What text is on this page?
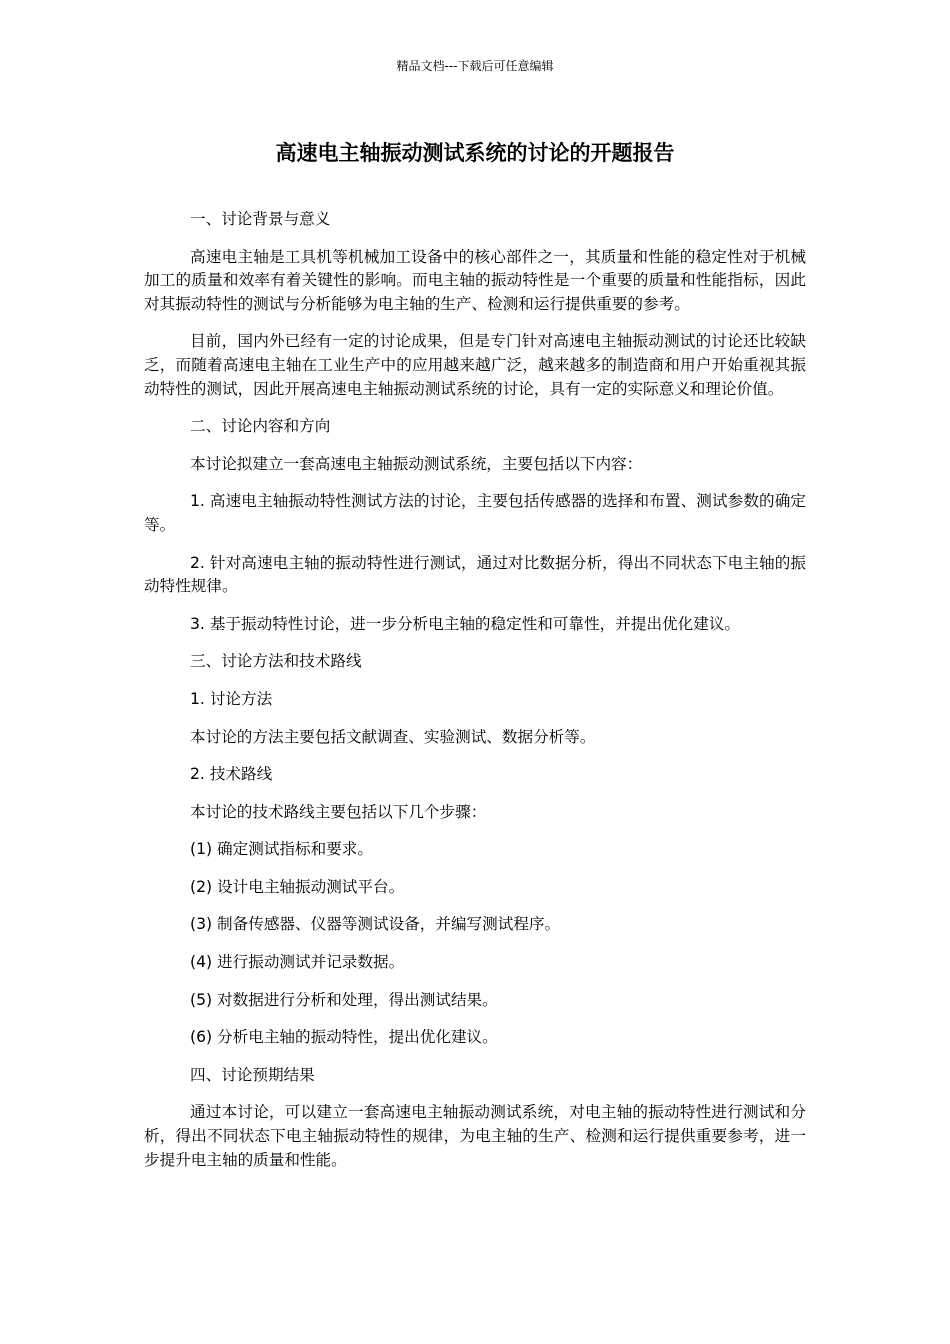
精品文档---下载后可任意编辑
高速电主轴振动测试系统的讨论的开题报告

一、讨论背景与意义

高速电主轴是工具机等机械加工设备中的核心部件之一，其质量和性能的稳定性对于机械加工的质量和效率有着关键性的影响。而电主轴的振动特性是一个重要的质量和性能指标，因此对其振动特性的测试与分析能够为电主轴的生产、检测和运行提供重要的参考。

目前，国内外已经有一定的讨论成果，但是专门针对高速电主轴振动测试的讨论还比较缺乏，而随着高速电主轴在工业生产中的应用越来越广泛，越来越多的制造商和用户开始重视其振动特性的测试，因此开展高速电主轴振动测试系统的讨论，具有一定的实际意义和理论价值。

二、讨论内容和方向

本讨论拟建立一套高速电主轴振动测试系统，主要包括以下内容：

1. 高速电主轴振动特性测试方法的讨论，主要包括传感器的选择和布置、测试参数的确定等。

2. 针对高速电主轴的振动特性进行测试，通过对比数据分析，得出不同状态下电主轴的振动特性规律。

3. 基于振动特性讨论，进一步分析电主轴的稳定性和可靠性，并提出优化建议。

三、讨论方法和技术路线

1. 讨论方法

本讨论的方法主要包括文献调查、实验测试、数据分析等。

2. 技术路线

本讨论的技术路线主要包括以下几个步骤：

(1) 确定测试指标和要求。

(2) 设计电主轴振动测试平台。

(3) 制备传感器、仪器等测试设备，并编写测试程序。

(4) 进行振动测试并记录数据。

(5) 对数据进行分析和处理，得出测试结果。

(6) 分析电主轴的振动特性，提出优化建议。

四、讨论预期结果

通过本讨论，可以建立一套高速电主轴振动测试系统，对电主轴的振动特性进行测试和分析，得出不同状态下电主轴振动特性的规律，为电主轴的生产、检测和运行提供重要参考，进一步提升电主轴的质量和性能。
